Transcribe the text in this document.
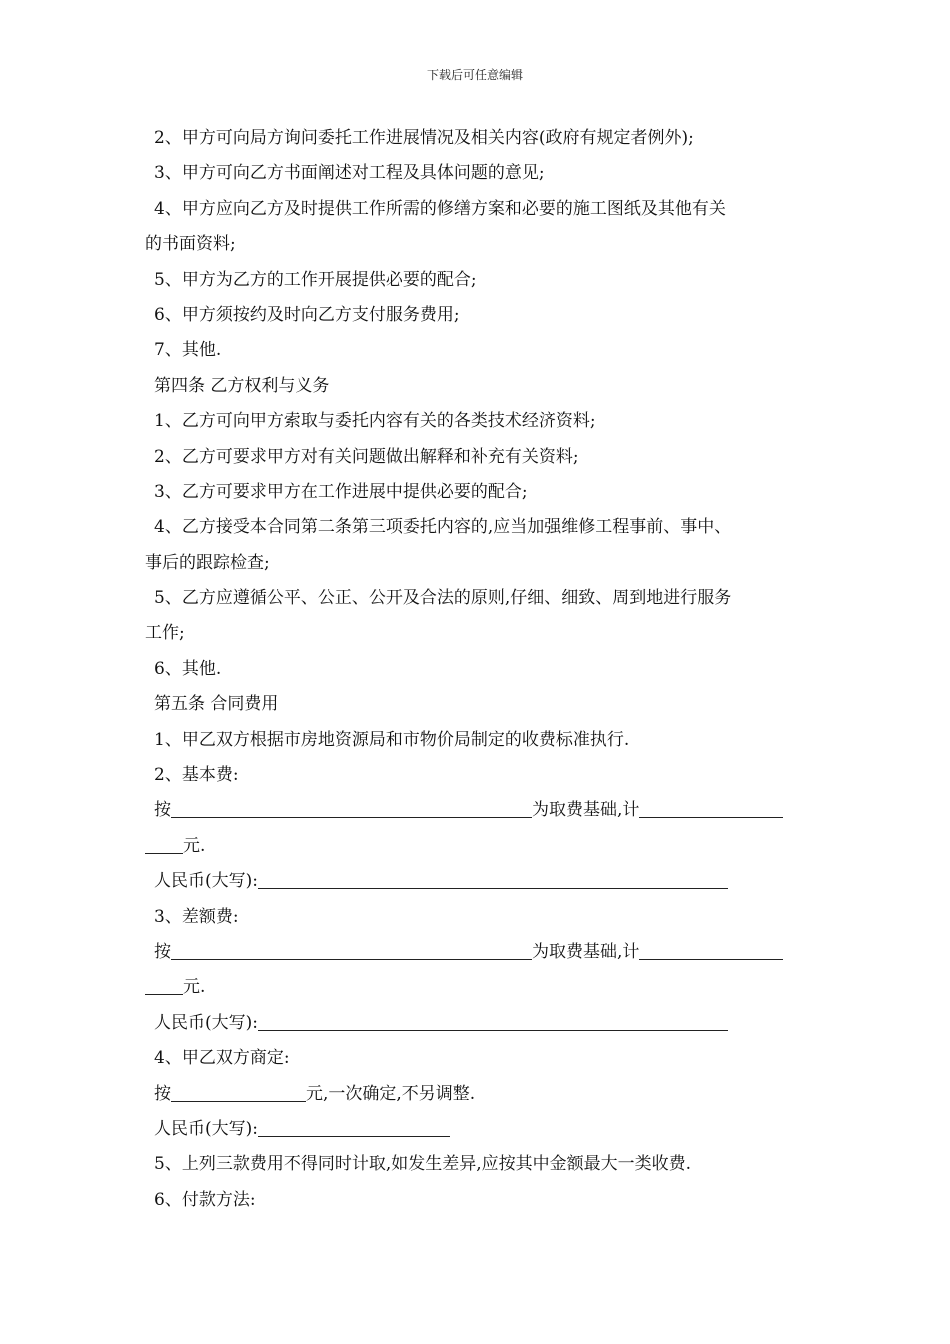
下载后可任意编辑
2、甲方可向局方询问委托工作进展情况及相关内容(政府有规定者例外);
3、甲方可向乙方书面阐述对工程及具体问题的意见;
4、甲方应向乙方及时提供工作所需的修缮方案和必要的施工图纸及其他有关
的书面资料;
5、甲方为乙方的工作开展提供必要的配合;
6、甲方须按约及时向乙方支付服务费用;
7、其他.
第四条 乙方权利与义务
1、乙方可向甲方索取与委托内容有关的各类技术经济资料;
2、乙方可要求甲方对有关问题做出解释和补充有关资料;
3、乙方可要求甲方在工作进展中提供必要的配合;
4、乙方接受本合同第二条第三项委托内容的,应当加强维修工程事前、事中、
事后的跟踪检查;
5、乙方应遵循公平、公正、公开及合法的原则,仔细、细致、周到地进行服务
工作;
6、其他.
第五条 合同费用
1、甲乙双方根据市房地资源局和市物价局制定的收费标准执行.
2、基本费:
按	为取费基础,计
元.
人民币(大写):
3、差额费:
按	为取费基础,计
元.
人民币(大写):
4、甲乙双方商定:
按	元,一次确定,不另调整.
人民币(大写):
5、上列三款费用不得同时计取,如发生差异,应按其中金额最大一类收费.
6、付款方法:
